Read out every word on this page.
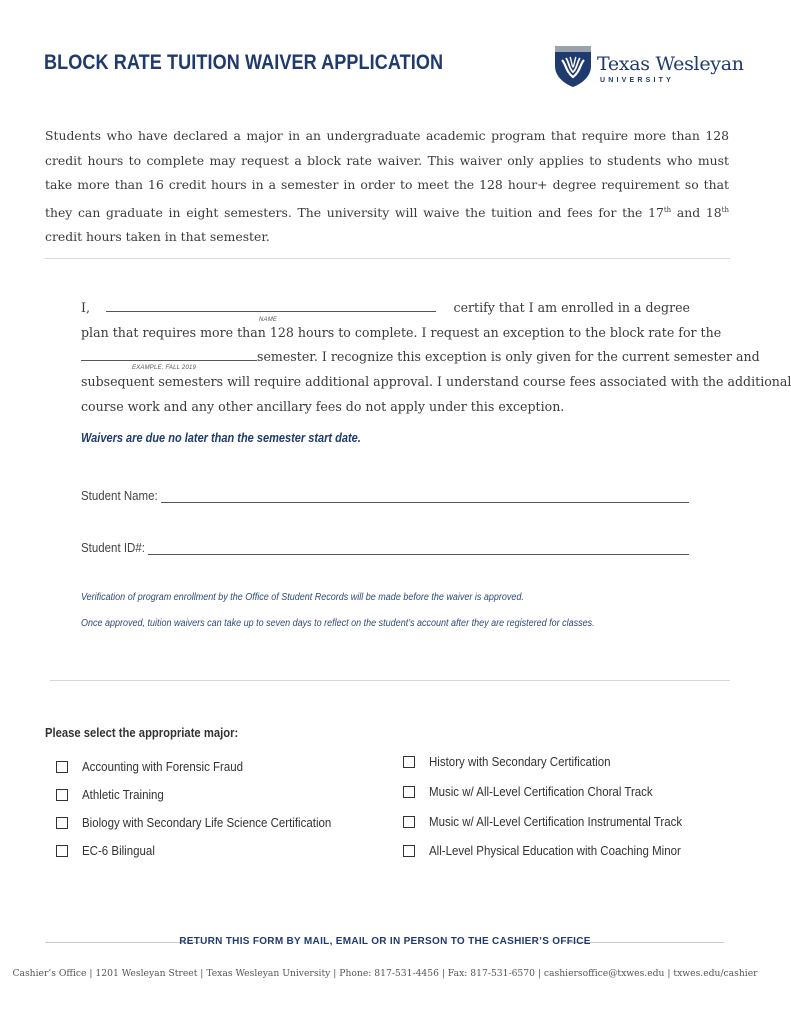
BLOCK RATE TUITION WAIVER APPLICATION	Texas Wesleyan
UNIVERSITY
Students who have declared a major in an undergraduate academic program that require more than 128 credit hours to complete may request a block rate waiver. This waiver only applies to students who must take more than 16 credit hours in a semester in order to meet the 128 hour+ degree requirement so that they can graduate in eight semesters. The university will waive the tuition and fees for the 17th and 18th credit hours taken in that semester.
I,	certify that I am enrolled in a degree
NAME
plan that requires more than 128 hours to complete. I request an exception to the block rate for the
semester. I recognize this exception is only given for the current semester and
EXAMPLE: FALL 2019
subsequent semesters will require additional approval. I understand course fees associated with the additional
course work and any other ancillary fees do not apply under this exception.
Waivers are due no later than the semester start date.
Student Name:
Student ID#:
Verification of program enrollment by the Office of Student Records will be made before the waiver is approved.
Once approved, tuition waivers can take up to seven days to reflect on the student’s account after they are registered for classes.
Please select the appropriate major:
Accounting with Forensic Fraud
Athletic Training
Biology with Secondary Life Science Certification
EC-6 Bilingual
History with Secondary Certification
Music w/ All-Level Certification Choral Track
Music w/ All-Level Certification Instrumental Track
All-Level Physical Education with Coaching Minor
RETURN THIS FORM BY MAIL, EMAIL OR IN PERSON TO THE CASHIER’S OFFICE
Cashier’s Office | 1201 Wesleyan Street | Texas Wesleyan University | Phone: 817-531-4456 | Fax: 817-531-6570 | cashiersoffice@txwes.edu | txwes.edu/cashier
